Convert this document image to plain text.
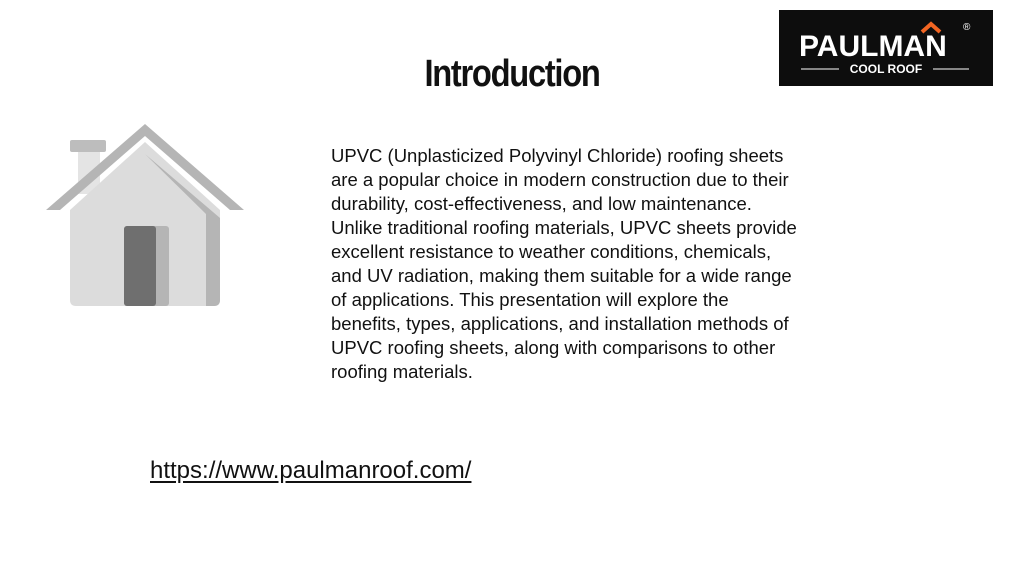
Introduction
PAULMAN
®
COOL ROOF

UPVC (Unplasticized Polyvinyl Chloride) roofing sheets are a popular choice in modern construction due to their durability, cost-effectiveness, and low maintenance. Unlike traditional roofing materials, UPVC sheets provide excellent resistance to weather conditions, chemicals, and UV radiation, making them suitable for a wide range of applications. This presentation will explore the benefits, types, applications, and installation methods of UPVC roofing sheets, along with comparisons to other roofing materials.

https://www.paulmanroof.com/
